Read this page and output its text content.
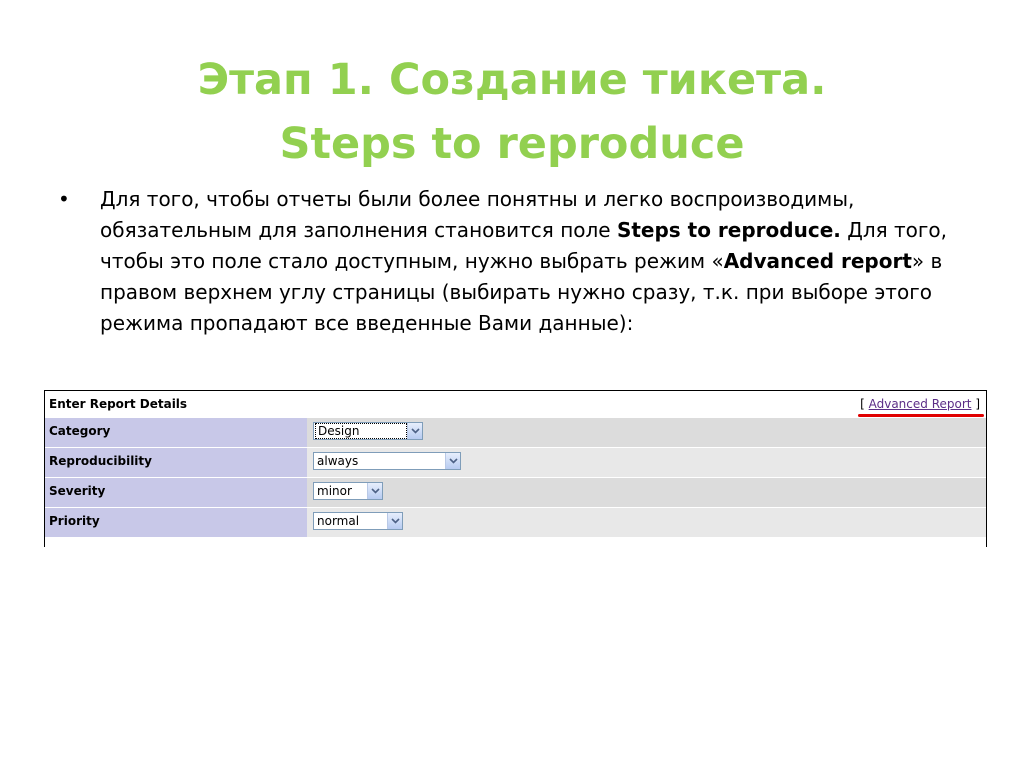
Этап 1. Создание тикета.
Steps to reproduce
• Для того, чтобы отчеты были более понятны и легко воспроизводимы, обязательным для заполнения становится поле Steps to reproduce. Для того, чтобы это поле стало доступным, нужно выбрать режим «Advanced report» в правом верхнем углу страницы (выбирать нужно сразу, т.к. при выборе этого режима пропадают все введенные Вами данные):
Enter Report Details	[ Advanced Report ]
Category	Design
Reproducibility	always
Severity	minor
Priority	normal
